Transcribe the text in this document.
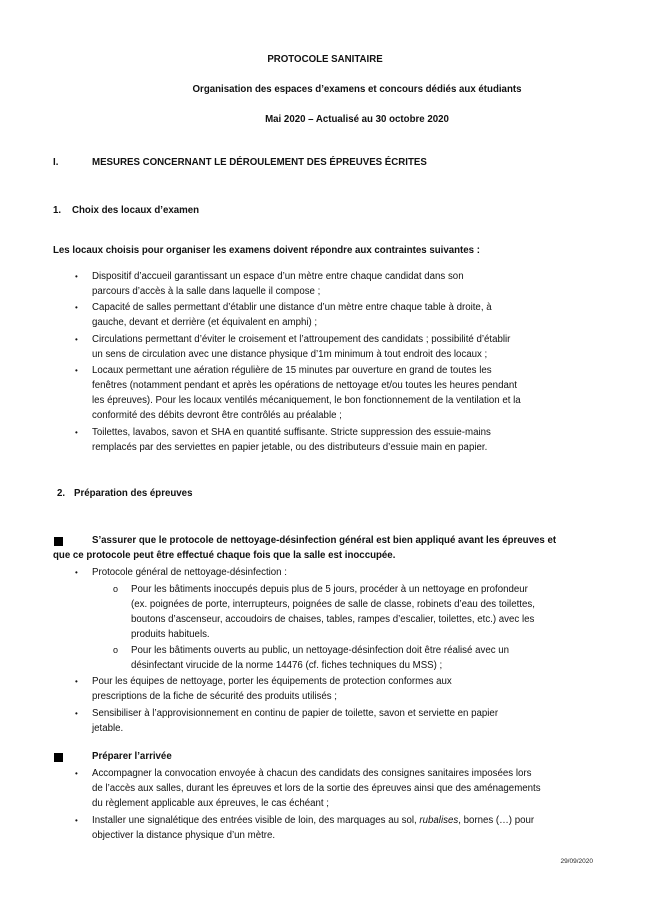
PROTOCOLE SANITAIRE
Organisation des espaces d’examens et concours dédiés aux étudiants
Mai 2020 – Actualisé au 30 octobre 2020
I.	MESURES CONCERNANT LE DÉROULEMENT DES ÉPREUVES ÉCRITES
1. Choix des locaux d’examen
Les locaux choisis pour organiser les examens doivent répondre aux contraintes suivantes :
• Dispositif d’accueil garantissant un espace d’un mètre entre chaque candidat dans son
parcours d’accès à la salle dans laquelle il compose ;
• Capacité de salles permettant d’établir une distance d’un mètre entre chaque table à droite, à
gauche, devant et derrière (et équivalent en amphi) ;
• Circulations permettant d’éviter le croisement et l’attroupement des candidats ; possibilité d’établir
un sens de circulation avec une distance physique d’1m minimum à tout endroit des locaux ;
• Locaux permettant une aération régulière de 15 minutes par ouverture en grand de toutes les
fenêtres (notamment pendant et après les opérations de nettoyage et/ou toutes les heures pendant
les épreuves). Pour les locaux ventilés mécaniquement, le bon fonctionnement de la ventilation et la
conformité des débits devront être contrôlés au préalable ;
• Toilettes, lavabos, savon et SHA en quantité suffisante. Stricte suppression des essuie-mains
remplacés par des serviettes en papier jetable, ou des distributeurs d’essuie main en papier.
2. Préparation des épreuves
S’assurer que le protocole de nettoyage-désinfection général est bien appliqué avant les épreuves et
que ce protocole peut être effectué chaque fois que la salle est inoccupée.
• Protocole général de nettoyage-désinfection :
o Pour les bâtiments inoccupés depuis plus de 5 jours, procéder à un nettoyage en profondeur
(ex. poignées de porte, interrupteurs, poignées de salle de classe, robinets d’eau des toilettes,
boutons d’ascenseur, accoudoirs de chaises, tables, rampes d’escalier, toilettes, etc.) avec les
produits habituels.
o Pour les bâtiments ouverts au public, un nettoyage-désinfection doit être réalisé avec un
désinfectant virucide de la norme 14476 (cf. fiches techniques du MSS) ;
• Pour les équipes de nettoyage, porter les équipements de protection conformes aux
prescriptions de la fiche de sécurité des produits utilisés ;
• Sensibiliser à l’approvisionnement en continu de papier de toilette, savon et serviette en papier
jetable.
Préparer l’arrivée
• Accompagner la convocation envoyée à chacun des candidats des consignes sanitaires imposées lors
de l’accès aux salles, durant les épreuves et lors de la sortie des épreuves ainsi que des aménagements
du règlement applicable aux épreuves, le cas échéant ;
• Installer une signalétique des entrées visible de loin, des marquages au sol, rubalises, bornes (…) pour
objectiver la distance physique d’un mètre.
29/09/2020
